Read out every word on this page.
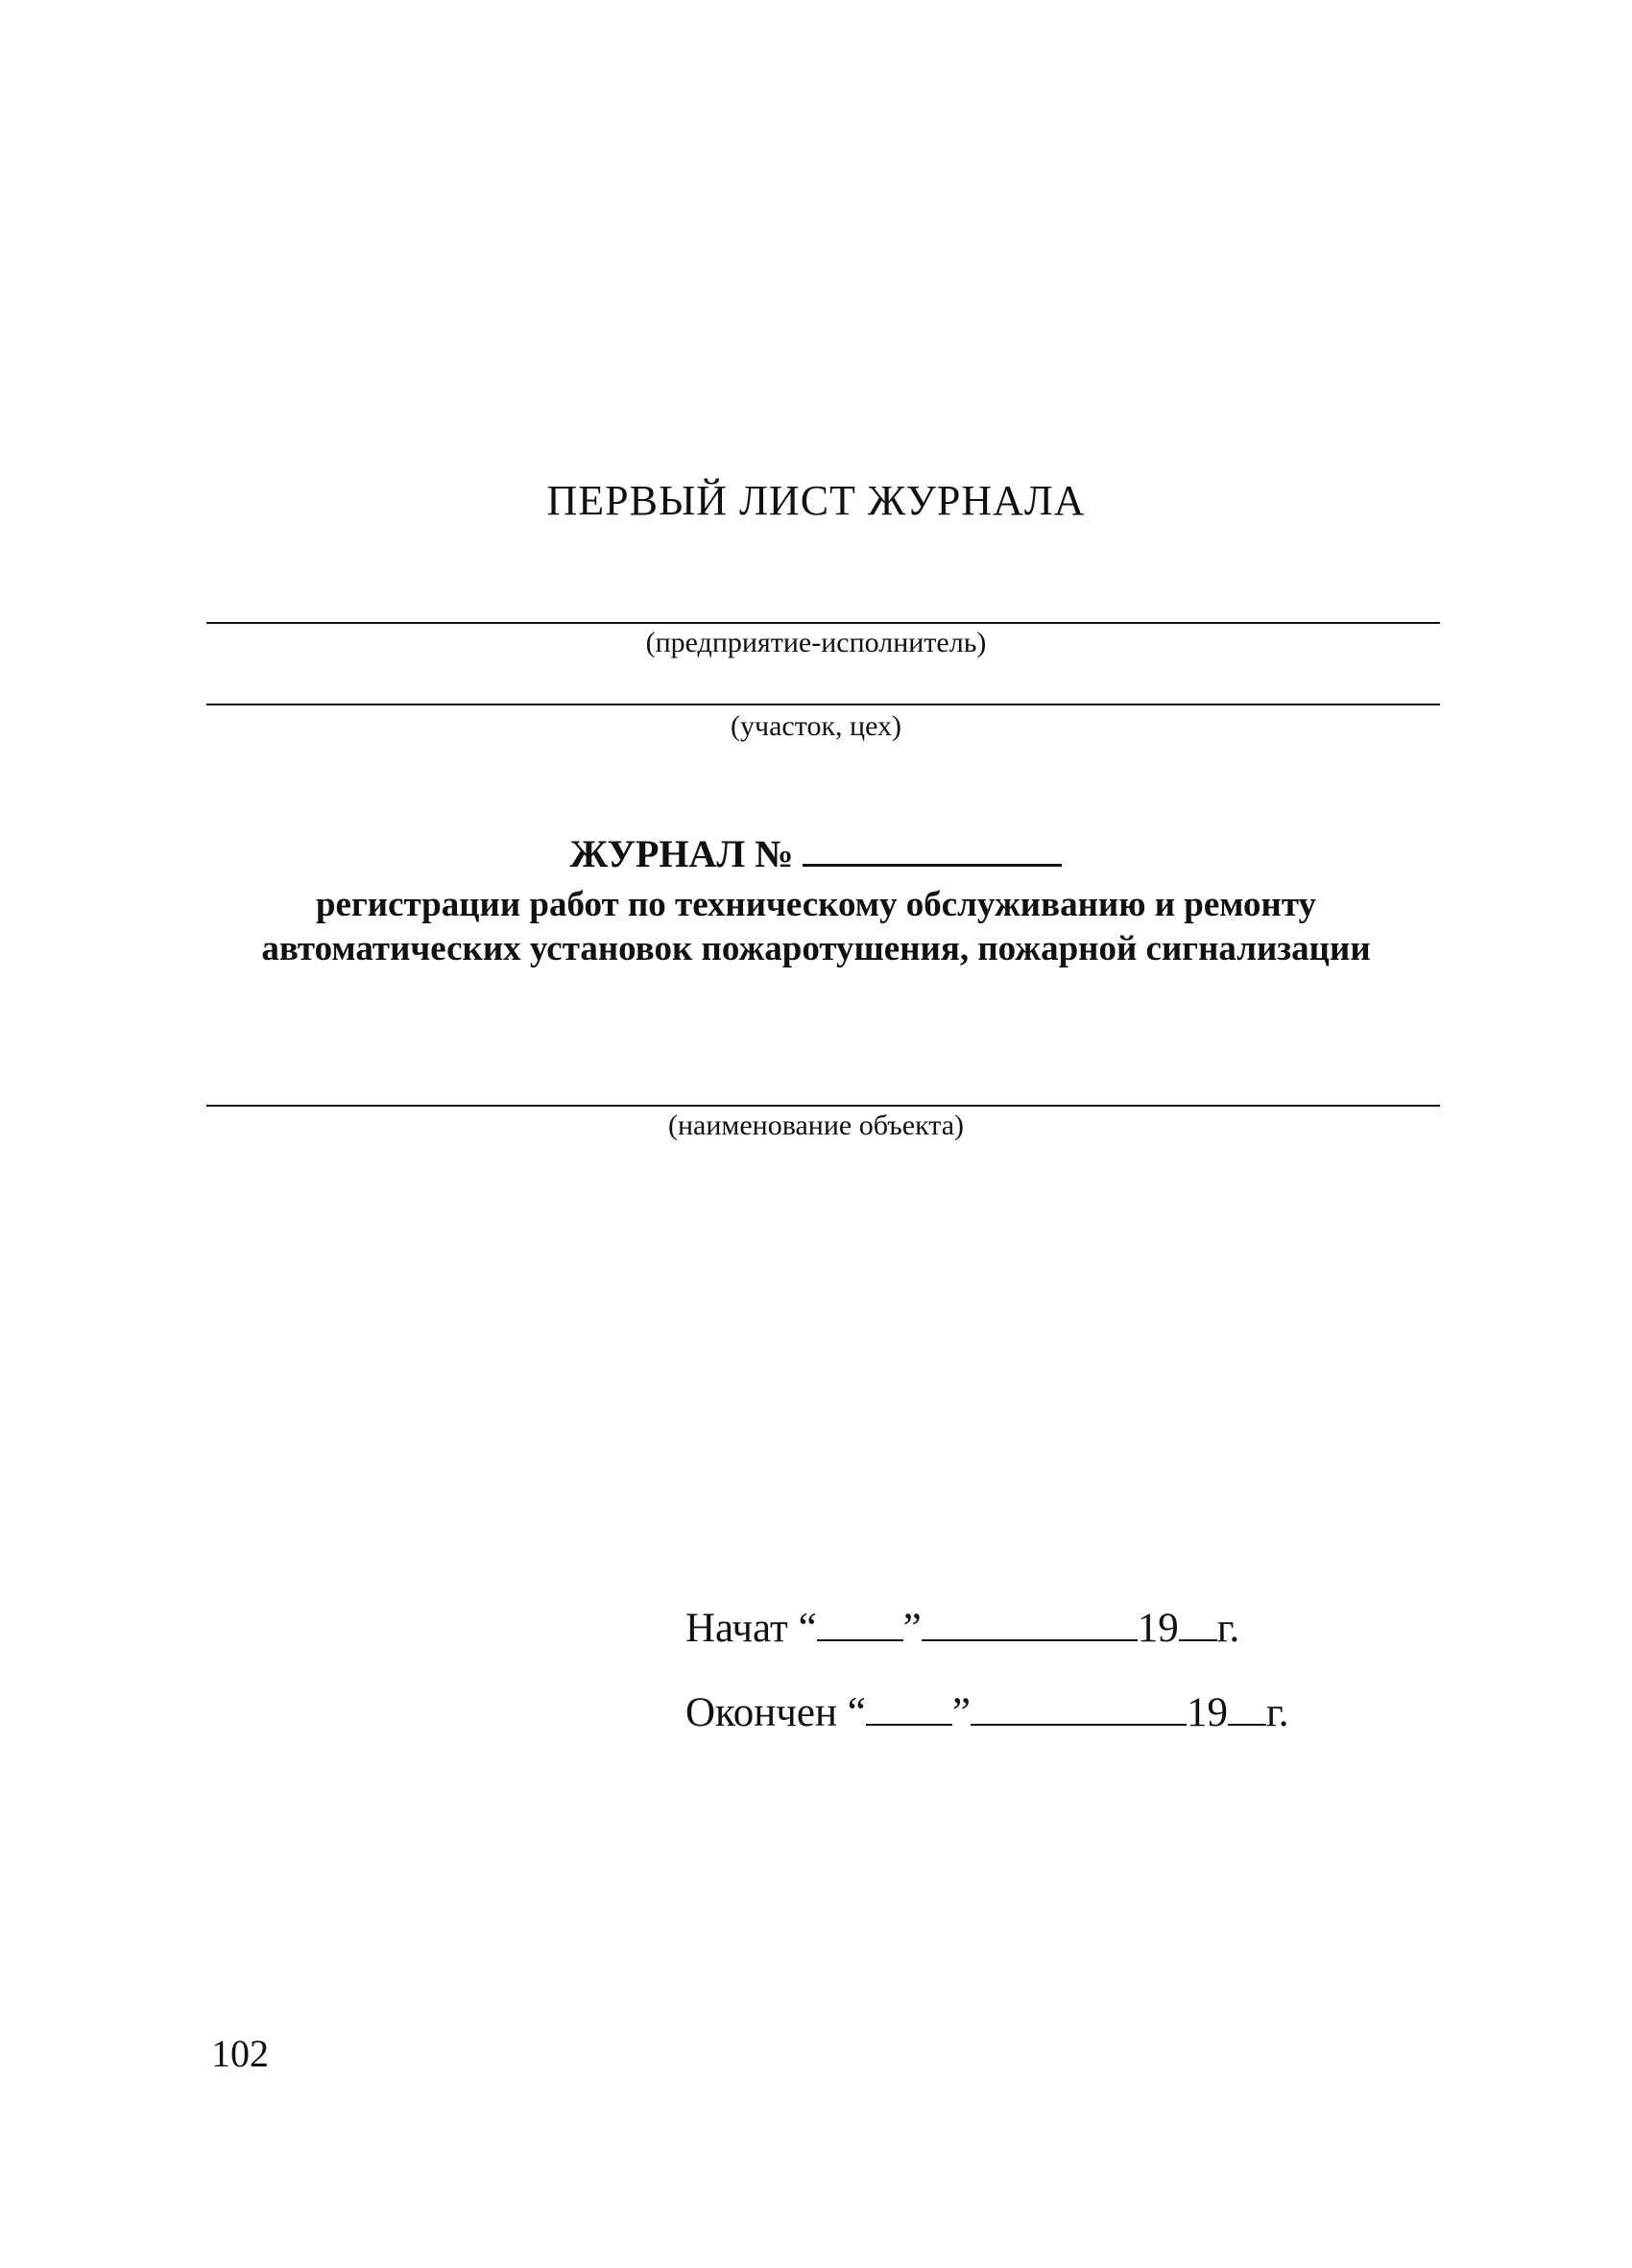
ПЕРВЫЙ ЛИСТ ЖУРНАЛА
(предприятие-исполнитель)
(участок, цех)
ЖУРНАЛ №
регистрации работ по техническому обслуживанию и ремонту автоматических установок пожаротушения, пожарной сигнализации
(наименование объекта)
Начат “ ”	19 г.
Окончен “ ”	19 г.
102
